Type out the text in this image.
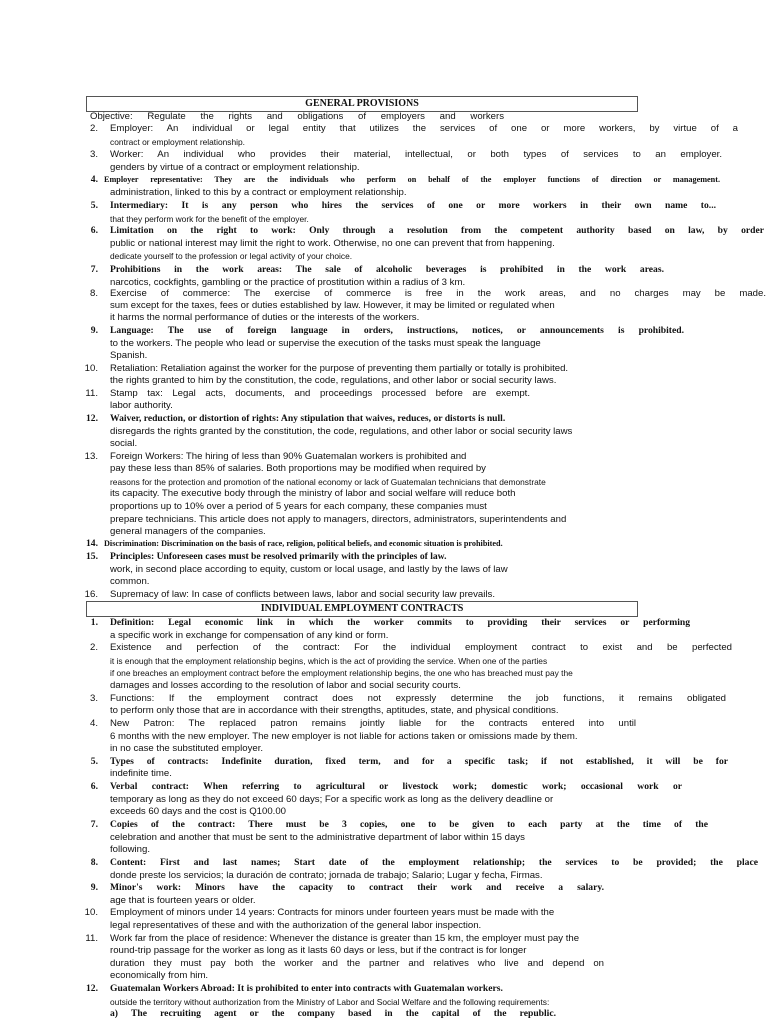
GENERAL PROVISIONS
Objective: Regulate the rights and obligations of employers and workers
2. Employer: An individual or legal entity that utilizes the services of one or more workers, by virtue of a
contract or employment relationship.
3. Worker: An individual who provides their material, intellectual, or both types of services to an employer.
genders by virtue of a contract or employment relationship.
4. Employer representative: They are the individuals who perform on behalf of the employer functions of direction or management.
administration, linked to this by a contract or employment relationship.
5. Intermediary: It is any person who hires the services of one or more workers in their own name to...
that they perform work for the benefit of the employer.
6. Limitation on the right to work: Only through a resolution from the competent authority based on law, by order
public or national interest may limit the right to work. Otherwise, no one can prevent that from happening.
dedicate yourself to the profession or legal activity of your choice.
7. Prohibitions in the work areas: The sale of alcoholic beverages is prohibited in the work areas.
narcotics, cockfights, gambling or the practice of prostitution within a radius of 3 km.
8. Exercise of commerce: The exercise of commerce is free in the work areas, and no charges may be made.
sum except for the taxes, fees or duties established by law. However, it may be limited or regulated when
it harms the normal performance of duties or the interests of the workers.
9. Language: The use of foreign language in orders, instructions, notices, or announcements is prohibited.
to the workers. The people who lead or supervise the execution of the tasks must speak the language
Spanish.
10. Retaliation: Retaliation against the worker for the purpose of preventing them partially or totally is prohibited.
the rights granted to him by the constitution, the code, regulations, and other labor or social security laws.
11. Stamp tax: Legal acts, documents, and proceedings processed before are exempt.
labor authority.
12. Waiver, reduction, or distortion of rights: Any stipulation that waives, reduces, or distorts is null.
disregards the rights granted by the constitution, the code, regulations, and other labor or social security laws
social.
13. Foreign Workers: The hiring of less than 90% Guatemalan workers is prohibited and
pay these less than 85% of salaries. Both proportions may be modified when required by
reasons for the protection and promotion of the national economy or lack of Guatemalan technicians that demonstrate
its capacity. The executive body through the ministry of labor and social welfare will reduce both
proportions up to 10% over a period of 5 years for each company, these companies must
prepare technicians. This article does not apply to managers, directors, administrators, superintendents and
general managers of the companies.
14. Discrimination: Discrimination on the basis of race, religion, political beliefs, and economic situation is prohibited.
15. Principles: Unforeseen cases must be resolved primarily with the principles of law.
work, in second place according to equity, custom or local usage, and lastly by the laws of law
common.
16. Supremacy of law: In case of conflicts between laws, labor and social security law prevails.
INDIVIDUAL EMPLOYMENT CONTRACTS
1. Definition: Legal economic link in which the worker commits to providing their services or performing
a specific work in exchange for compensation of any kind or form.
2. Existence and perfection of the contract: For the individual employment contract to exist and be perfected
it is enough that the employment relationship begins, which is the act of providing the service. When one of the parties
if one breaches an employment contract before the employment relationship begins, the one who has breached must pay the
damages and losses according to the resolution of labor and social security courts.
3. Functions: If the employment contract does not expressly determine the job functions, it remains obligated
to perform only those that are in accordance with their strengths, aptitudes, state, and physical conditions.
4. New Patron: The replaced patron remains jointly liable for the contracts entered into until
6 months with the new employer. The new employer is not liable for actions taken or omissions made by them.
in no case the substituted employer.
5. Types of contracts: Indefinite duration, fixed term, and for a specific task; if not established, it will be for
indefinite time.
6. Verbal contract: When referring to agricultural or livestock work; domestic work; occasional work or
temporary as long as they do not exceed 60 days; For a specific work as long as the delivery deadline or
exceeds 60 days and the cost is Q100.00
7. Copies of the contract: There must be 3 copies, one to be given to each party at the time of the
celebration and another that must be sent to the administrative department of labor within 15 days
following.
8. Content: First and last names; Start date of the employment relationship; the services to be provided; the place
donde preste los servicios; la duración de contrato; jornada de trabajo; Salario; Lugar y fecha, Firmas.
9. Minor's work: Minors have the capacity to contract their work and receive a salary.
age that is fourteen years or older.
10. Employment of minors under 14 years: Contracts for minors under fourteen years must be made with the
legal representatives of these and with the authorization of the general labor inspection.
11. Work far from the place of residence: Whenever the distance is greater than 15 km, the employer must pay the
round-trip passage for the worker as long as it lasts 60 days or less, but if the contract is for longer
duration they must pay both the worker and the partner and relatives who live and depend on
economically from him.
12. Guatemalan Workers Abroad: It is prohibited to enter into contracts with Guatemalan workers.
outside the territory without authorization from the Ministry of Labor and Social Welfare and the following requirements:
a) The recruiting agent or the company based in the capital of the republic.
